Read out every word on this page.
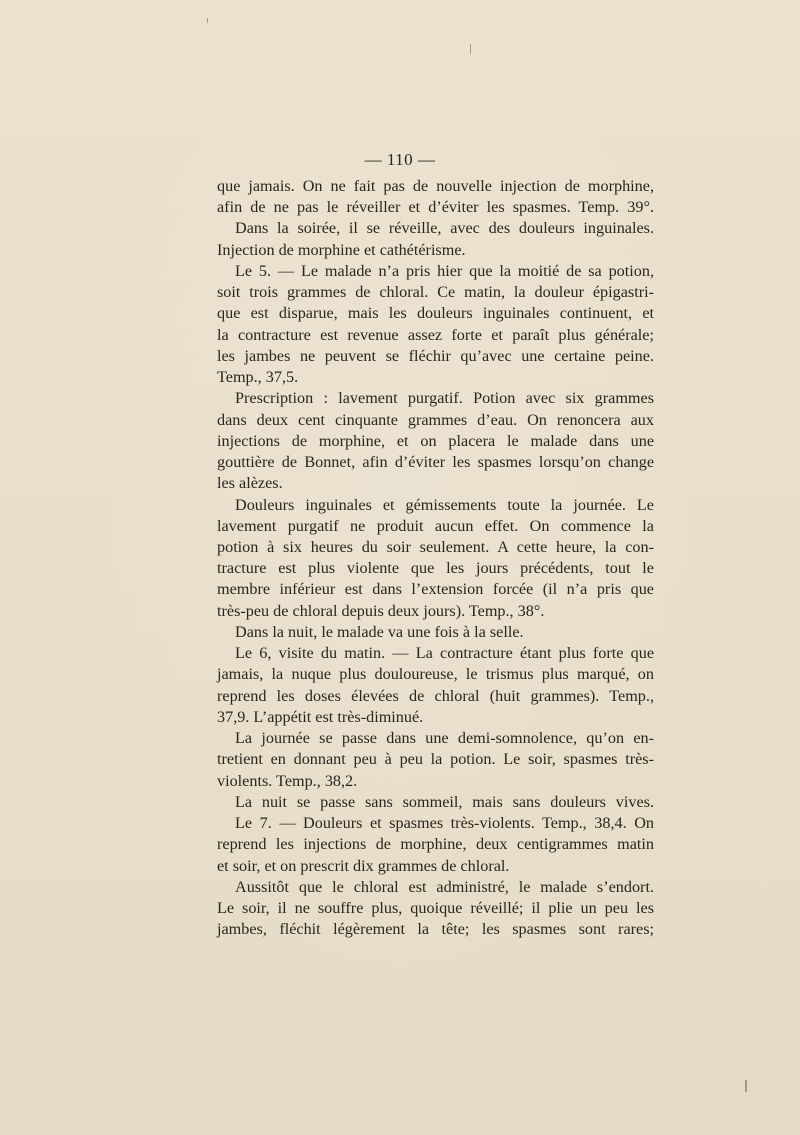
— 110 —
que jamais. On ne fait pas de nouvelle injection de morphine,
afin de ne pas le réveiller et d’éviter les spasmes. Temp. 39°.
Dans la soirée, il se réveille, avec des douleurs inguinales.
Injection de morphine et cathétérisme.
Le 5. — Le malade n’a pris hier que la moitié de sa potion,
soit trois grammes de chloral. Ce matin, la douleur épigastri-
que est disparue, mais les douleurs inguinales continuent, et
la contracture est revenue assez forte et paraît plus générale;
les jambes ne peuvent se fléchir qu’avec une certaine peine.
Temp., 37,5.
Prescription : lavement purgatif. Potion avec six grammes
dans deux cent cinquante grammes d’eau. On renoncera aux
injections de morphine, et on placera le malade dans une
gouttière de Bonnet, afin d’éviter les spasmes lorsqu’on change
les alèzes.
Douleurs inguinales et gémissements toute la journée. Le
lavement purgatif ne produit aucun effet. On commence la
potion à six heures du soir seulement. A cette heure, la con-
tracture est plus violente que les jours précédents, tout le
membre inférieur est dans l’extension forcée (il n’a pris que
très-peu de chloral depuis deux jours). Temp., 38°.
Dans la nuit, le malade va une fois à la selle.
Le 6, visite du matin. — La contracture étant plus forte que
jamais, la nuque plus douloureuse, le trismus plus marqué, on
reprend les doses élevées de chloral (huit grammes). Temp.,
37,9. L’appétit est très-diminué.
La journée se passe dans une demi-somnolence, qu’on en-
tretient en donnant peu à peu la potion. Le soir, spasmes très-
violents. Temp., 38,2.
La nuit se passe sans sommeil, mais sans douleurs vives.
Le 7. — Douleurs et spasmes très-violents. Temp., 38,4. On
reprend les injections de morphine, deux centigrammes matin
et soir, et on prescrit dix grammes de chloral.
Aussitôt que le chloral est administré, le malade s’endort.
Le soir, il ne souffre plus, quoique réveillé; il plie un peu les
jambes, fléchit légèrement la tête; les spasmes sont rares;
